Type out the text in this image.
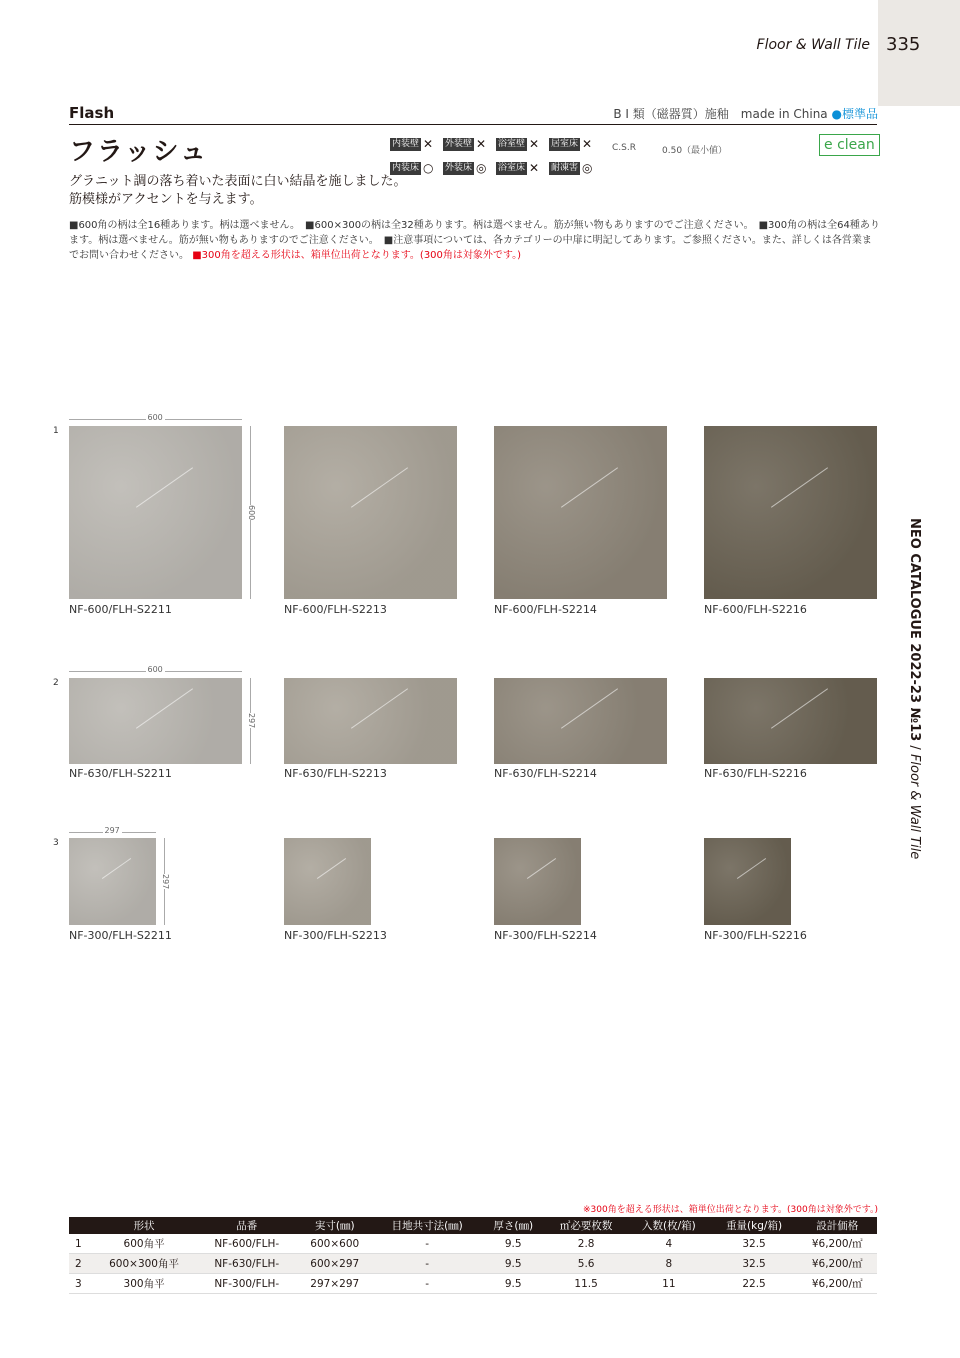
Floor & Wall Tile 335
Flash	B I 類（磁器質）施釉　made in China ●標準品
フラッシュ	内装壁 ✕ 外装壁 ✕ 浴室壁 ✕ 居室床 ✕
内装床 ○ 外装床 ◎ 浴室床 ✕ 耐凍害 ◎
C.S.R	0.50（最小値）	e clean
グラニット調の落ち着いた表面に白い結晶を施しました。
筋模様がアクセントを与えます。
■600角の柄は全16種あります。柄は選べません。　■600×300の柄は全32種あります。柄は選べません。筋が無い物もありますのでご注意ください。　■300角の柄は全64種あります。柄は選べません。筋が無い物もありますのでご注意ください。　■注意事項については、各カテゴリーの中扉に明記してあります。ご参照ください。また、詳しくは各営業までお問い合わせください。 ■300角を超える形状は、箱単位出荷となります。(300角は対象外です。)
1
600
600
NF-600/FLH-S2211	NF-600/FLH-S2213	NF-600/FLH-S2214	NF-600/FLH-S2216
2
600
297
NF-630/FLH-S2211	NF-630/FLH-S2213	NF-630/FLH-S2214	NF-630/FLH-S2216
3
297
297
NF-300/FLH-S2211	NF-300/FLH-S2213	NF-300/FLH-S2214	NF-300/FLH-S2216
NEO CATALOGUE 2022-23 №13 / Floor & Wall Tile
※300角を超える形状は、箱単位出荷となります。(300角は対象外です。)
	形状	品番	実寸(㎜)	目地共寸法(㎜)	厚さ(㎜)	㎡必要枚数	入数(枚/箱)	重量(kg/箱)	設計価格
1	600角平	NF-600/FLH-	600×600	-	9.5	2.8	4	32.5	¥6,200/㎡
2	600×300角平	NF-630/FLH-	600×297	-	9.5	5.6	8	32.5	¥6,200/㎡
3	300角平	NF-300/FLH-	297×297	-	9.5	11.5	11	22.5	¥6,200/㎡
